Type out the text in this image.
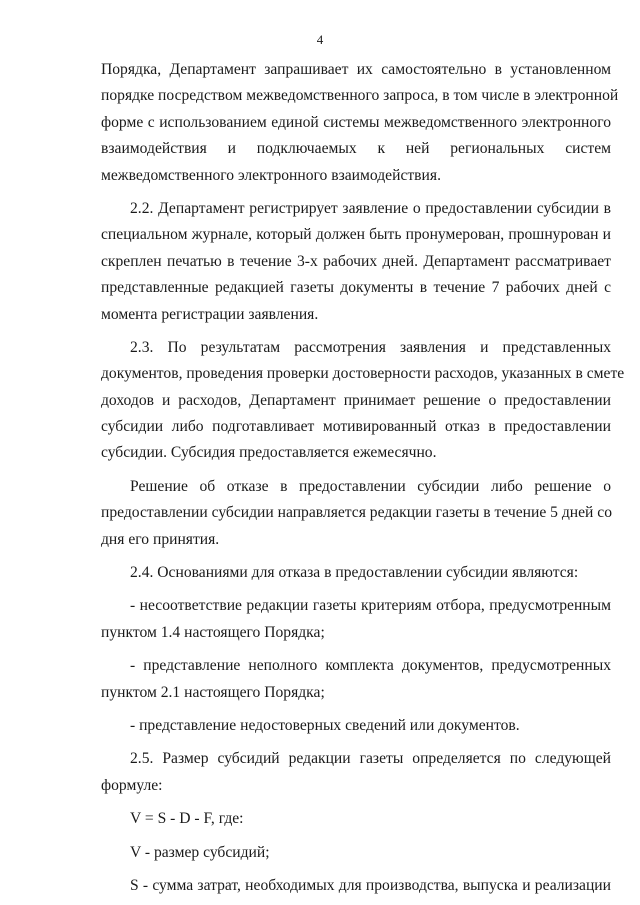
4
Порядка, Департамент запрашивает их самостоятельно в установленном
порядке посредством межведомственного запроса, в том числе в электронной
форме с использованием единой системы межведомственного электронного
взаимодействия и подключаемых к ней региональных систем
межведомственного электронного взаимодействия.
2.2. Департамент регистрирует заявление о предоставлении субсидии в
специальном журнале, который должен быть пронумерован, прошнурован и
скреплен печатью в течение 3-х рабочих дней. Департамент рассматривает
представленные редакцией газеты документы в течение 7 рабочих дней с
момента регистрации заявления.
2.3. По результатам рассмотрения заявления и представленных
документов, проведения проверки достоверности расходов, указанных в смете
доходов и расходов, Департамент принимает решение о предоставлении
субсидии либо подготавливает мотивированный отказ в предоставлении
субсидии. Субсидия предоставляется ежемесячно.
Решение об отказе в предоставлении субсидии либо решение о
предоставлении субсидии направляется редакции газеты в течение 5 дней со
дня его принятия.
2.4. Основаниями для отказа в предоставлении субсидии являются:
- несоответствие редакции газеты критериям отбора, предусмотренным
пунктом 1.4 настоящего Порядка;
- представление неполного комплекта документов, предусмотренных
пунктом 2.1 настоящего Порядка;
- представление недостоверных сведений или документов.
2.5. Размер субсидий редакции газеты определяется по следующей
формуле:
V = S - D - F, где:
V - размер субсидий;
S - сумма затрат, необходимых для производства, выпуска и реализации
